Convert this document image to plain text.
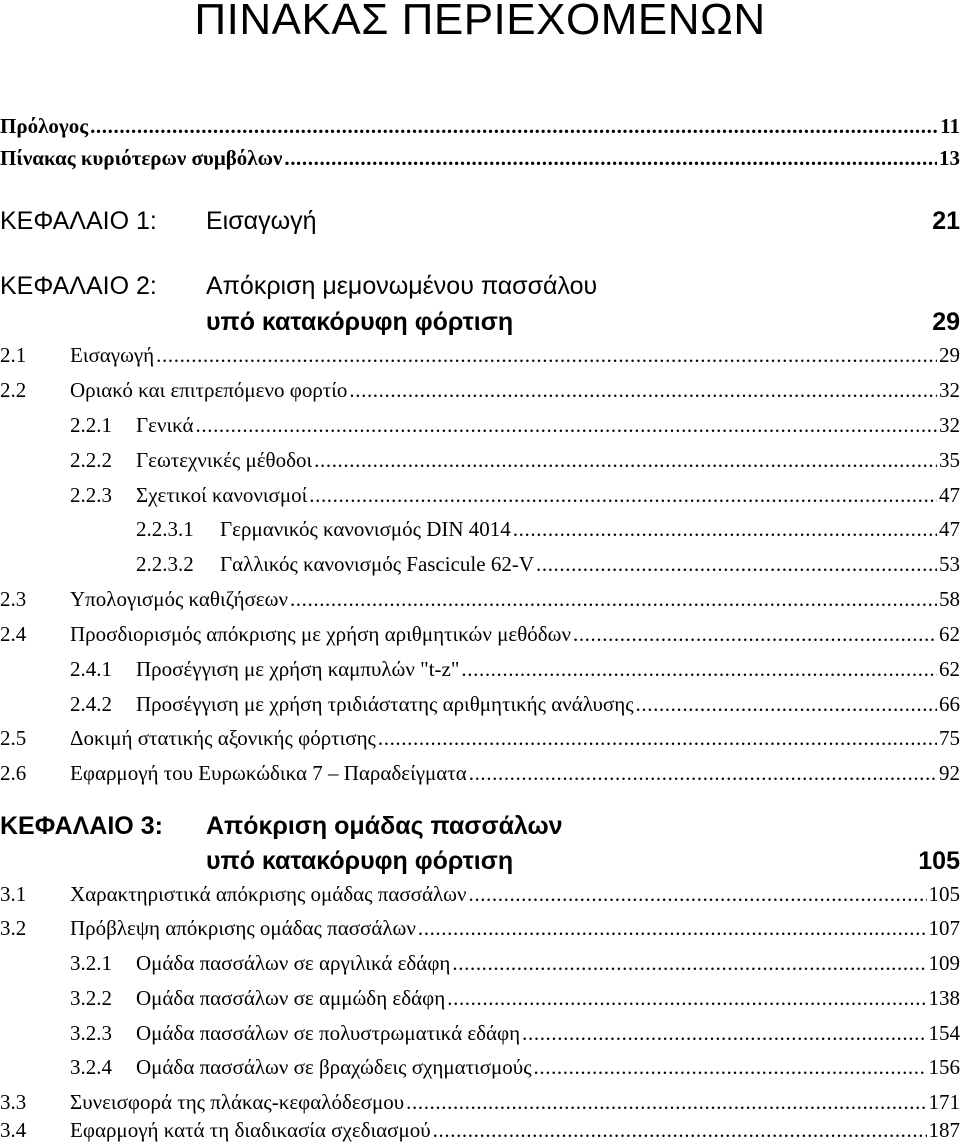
ΠΙΝΑΚΑΣ ΠΕΡΙΕΧΟΜΕΝΩΝ
Πρόλογος .....	11
Πίνακας κυριότερων συμβόλων .....	13
ΚΕΦΑΛΑΙΟ 1: Εισαγωγή	21
ΚΕΦΑΛΑΙΟ 2: Απόκριση μεμονωμένου πασσάλου
υπό κατακόρυφη φόρτιση	29
2.1	Εισαγωγή .....	29
2.2	Οριακό και επιτρεπόμενο φορτίο .....	32
2.2.1	Γενικά .....	32
2.2.2	Γεωτεχνικές μέθοδοι .....	35
2.2.3	Σχετικοί κανονισμοί .....	47
2.2.3.1	Γερμανικός κανονισμός DIN 4014 .....	47
2.2.3.2	Γαλλικός κανονισμός Fascicule 62-V .....	53
2.3	Υπολογισμός καθιζήσεων .....	58
2.4	Προσδιορισμός απόκρισης με χρήση αριθμητικών μεθόδων .....	62
2.4.1	Προσέγγιση με χρήση καμπυλών "t-z" .....	62
2.4.2	Προσέγγιση με χρήση τριδιάστατης αριθμητικής ανάλυσης .....	66
2.5	Δοκιμή στατικής αξονικής φόρτισης .....	75
2.6	Εφαρμογή του Ευρωκώδικα 7 – Παραδείγματα .....	92
ΚΕΦΑΛΑΙΟ 3: Απόκριση ομάδας πασσάλων
υπό κατακόρυφη φόρτιση	105
3.1	Χαρακτηριστικά απόκρισης ομάδας πασσάλων .....	105
3.2	Πρόβλεψη απόκρισης ομάδας πασσάλων .....	107
3.2.1	Ομάδα πασσάλων σε αργιλικά εδάφη .....	109
3.2.2	Ομάδα πασσάλων σε αμμώδη εδάφη .....	138
3.2.3	Ομάδα πασσάλων σε πολυστρωματικά εδάφη .....	154
3.2.4	Ομάδα πασσάλων σε βραχώδεις σχηματισμούς .....	156
3.3	Συνεισφορά της πλάκας-κεφαλόδεσμου .....	171
3.4	Εφαρμογή κατά τη διαδικασία σχεδιασμού .....	187
